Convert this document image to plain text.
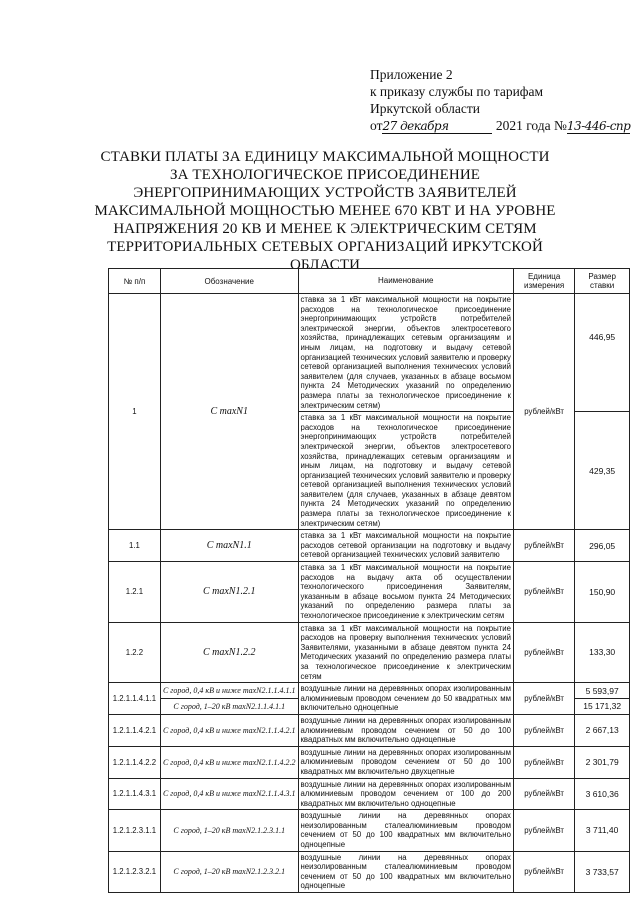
Приложение 2
к приказу службы по тарифам
Иркутской области
от27 декабря	2021 года №13-446-спр
СТАВКИ ПЛАТЫ ЗА ЕДИНИЦУ МАКСИМАЛЬНОЙ МОЩНОСТИ ЗА ТЕХНОЛОГИЧЕСКОЕ ПРИСОЕДИНЕНИЕ ЭНЕРГОПРИНИМАЮЩИХ УСТРОЙСТВ ЗАЯВИТЕЛЕЙ МАКСИМАЛЬНОЙ МОЩНОСТЬЮ МЕНЕЕ 670 КВТ И НА УРОВНЕ НАПРЯЖЕНИЯ 20 КВ И МЕНЕЕ К ЭЛЕКТРИЧЕСКИМ СЕТЯМ ТЕРРИТОРИАЛЬНЫХ СЕТЕВЫХ ОРГАНИЗАЦИЙ ИРКУТСКОЙ ОБЛАСТИ
№ п/п	Обозначение	Наименование	Единица измерения	Размер ставки
1	C maxN1	ставка за 1 кВт максимальной мощности на покрытие расходов на технологическое присоединение энергопринимающих устройств потребителей электрической энергии, объектов электросетевого хозяйства, принадлежащих сетевым организациям и иным лицам, на подготовку и выдачу сетевой организацией технических условий заявителю и проверку сетевой организацией выполнения технических условий заявителем (для случаев, указанных в абзаце восьмом пункта 24 Методических указаний по определению размера платы за технологическое присоединение к электрическим сетям)	рублей/кВт	446,95
		ставка за 1 кВт максимальной мощности на покрытие расходов на технологическое присоединение энергопринимающих устройств потребителей электрической энергии, объектов электросетевого хозяйства, принадлежащих сетевым организациям и иным лицам, на подготовку и выдачу сетевой организацией технических условий заявителю и проверку сетевой организацией выполнения технических условий заявителем (для случаев, указанных в абзаце девятом пункта 24 Методических указаний по определению размера платы за технологическое присоединение к электрическим сетям)		429,35
1.1	C maxN1.1	ставка за 1 кВт максимальной мощности на покрытие расходов сетевой организации на подготовку и выдачу сетевой организацией технических условий заявителю	рублей/кВт	296,05
1.2.1	C maxN1.2.1	ставка за 1 кВт максимальной мощности на покрытие расходов на выдачу акта об осуществлении технологического присоединения Заявителям, указанным в абзаце восьмом пункта 24 Методических указаний по определению размера платы за технологическое присоединение к электрическим сетям	рублей/кВт	150,90
1.2.2	C maxN1.2.2	ставка за 1 кВт максимальной мощности на покрытие расходов на проверку выполнения технических условий Заявителями, указанными в абзаце девятом пункта 24 Методических указаний по определению размера платы за технологическое присоединение к электрическим сетям	рублей/кВт	133,30
1.2.1.1.4.1.1	C город, 0,4 кВ и ниже maxN2.1.1.4.1.1	воздушные линии на деревянных опорах изолированным алюминиевым проводом сечением до 50 квадратных мм включительно одноцепные	рублей/кВт	5 593,97
	C город, 1–20 кВ maxN2.1.1.4.1.1			15 171,32
1.2.1.1.4.2.1	C город, 0,4 кВ и ниже maxN2.1.1.4.2.1	воздушные линии на деревянных опорах изолированным алюминиевым проводом сечением от 50 до 100 квадратных мм включительно одноцепные	рублей/кВт	2 667,13
1.2.1.1.4.2.2	C город, 0,4 кВ и ниже maxN2.1.1.4.2.2	воздушные линии на деревянных опорах изолированным алюминиевым проводом сечением от 50 до 100 квадратных мм включительно двухцепные	рублей/кВт	2 301,79
1.2.1.1.4.3.1	C город, 0,4 кВ и ниже maxN2.1.1.4.3.1	воздушные линии на деревянных опорах изолированным алюминиевым проводом сечением от 100 до 200 квадратных мм включительно одноцепные	рублей/кВт	3 610,36
1.2.1.2.3.1.1	C город, 1–20 кВ maxN2.1.2.3.1.1	воздушные линии на деревянных опорах неизолированным сталеалюминиевым проводом сечением от 50 до 100 квадратных мм включительно одноцепные	рублей/кВт	3 711,40
1.2.1.2.3.2.1	C город, 1–20 кВ maxN2.1.2.3.2.1	воздушные линии на деревянных опорах неизолированным сталеалюминиевым проводом сечением от 50 до 100 квадратных мм включительно одноцепные	рублей/кВт	3 733,57
